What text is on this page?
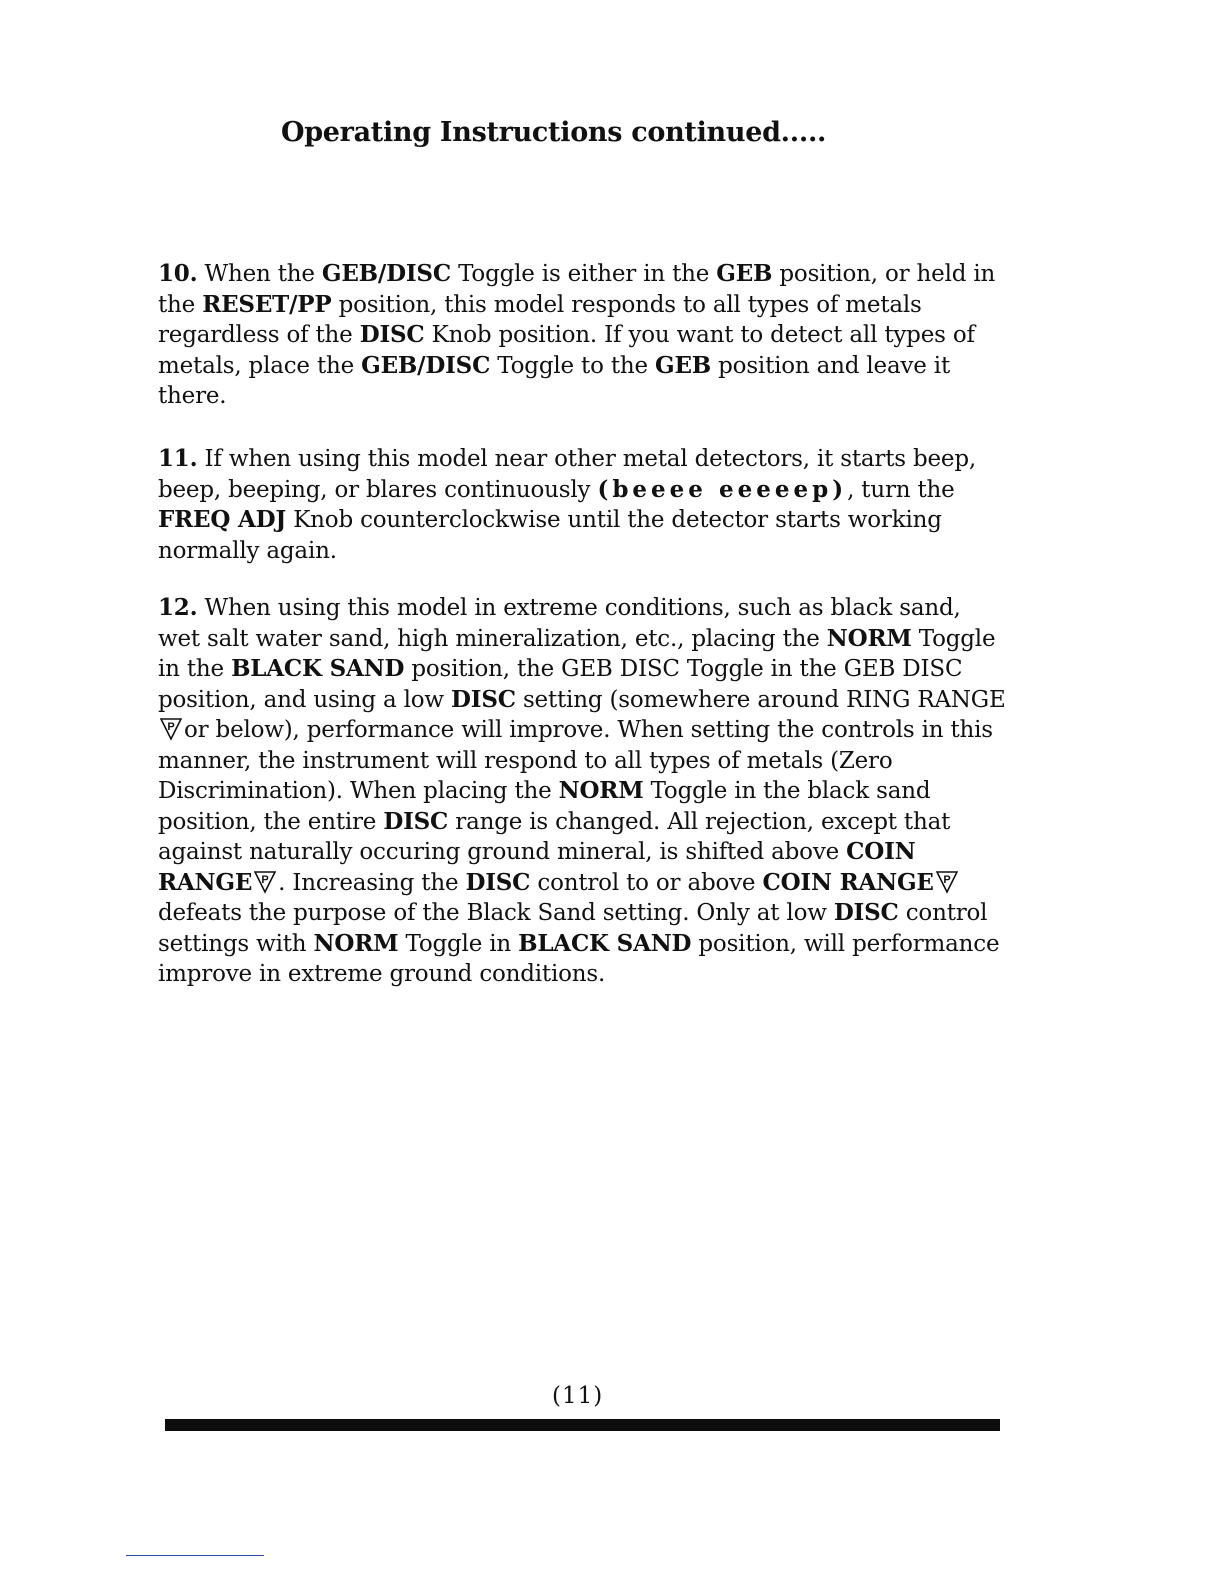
Operating Instructions continued.....
10. When the GEB/DISC Toggle is either in the GEB position, or held in the RESET/PP position, this model responds to all types of metals regardless of the DISC Knob position. If you want to detect all types of metals, place the GEB/DISC Toggle to the GEB position and leave it there.
11. If when using this model near other metal detectors, it starts beep, beep, beeping, or blares continuously (beeee eeeeep), turn the FREQ ADJ Knob counterclockwise until the detector starts working normally again.
12. When using this model in extreme conditions, such as black sand, wet salt water sand, high mineralization, etc., placing the NORM Toggle in the BLACK SAND position, the GEB DISC Toggle in the GEB DISC position, and using a low DISC setting (somewhere around RING RANGE
P or below), performance will improve. When setting the controls in this manner, the instrument will respond to all types of metals (Zero Discrimination). When placing the NORM Toggle in the black sand position, the entire DISC range is changed. All rejection, except that against naturally occuring ground mineral, is shifted above COIN RANGE P . Increasing the DISC control to or above COIN RANGE P
defeats the purpose of the Black Sand setting. Only at low DISC control settings with NORM Toggle in BLACK SAND position, will performance improve in extreme ground conditions.
(11)
